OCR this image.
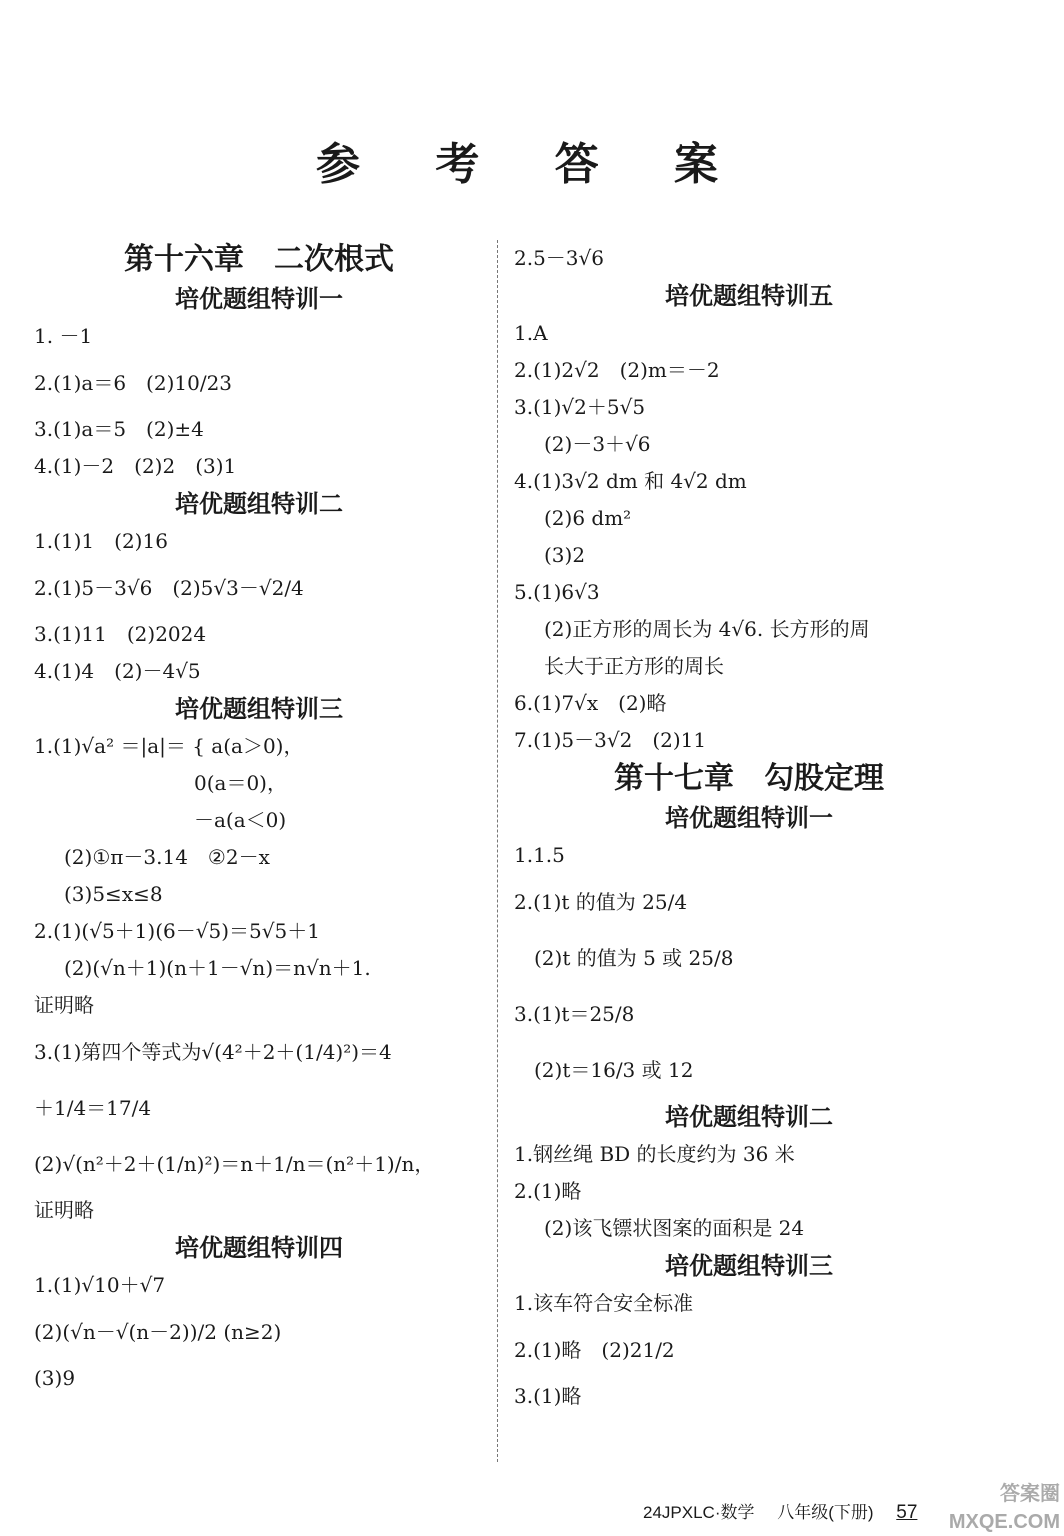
参 考 答 案
第十六章　二次根式
培优题组特训一
1. －1
2.(1)a＝6　(2)10/23
3.(1)a＝5　(2)±4
4.(1)－2　(2)2　(3)1
培优题组特训二
1.(1)1　(2)16
2.(1)5－3√6　(2)5√3－√2/4
3.(1)11　(2)2024
4.(1)4　(2)－4√5
培优题组特训三
1.(1)√a² ＝|a|＝ { a(a＞0)，
　　　　　　　　0(a＝0)，
　　　　　　　　－a(a＜0)
(2)①π－3.14　②2－x
(3)5≤x≤8
2.(1)(√5＋1)(6－√5)＝5√5＋1
(2)(√n＋1)(n＋1－√n)＝n√n＋1.
证明略
3.(1)第四个等式为√(4²＋2＋(1/4)²)＝4
＋1/4＝17/4
(2)√(n²＋2＋(1/n)²)＝n＋1/n＝(n²＋1)/n，
证明略
培优题组特训四
1.(1)√10＋√7
(2)(√n－√(n－2))/2 (n≥2)
(3)9
2.5－3√6
培优题组特训五
1.A
2.(1)2√2　(2)m＝－2
3.(1)√2＋5√5
(2)－3＋√6
4.(1)3√2 dm 和 4√2 dm
(2)6 dm²
(3)2
5.(1)6√3
(2)正方形的周长为 4√6. 长方形的周
长大于正方形的周长
6.(1)7√x　(2)略
7.(1)5－3√2　(2)11
第十七章　勾股定理
培优题组特训一
1.1.5
2.(1)t 的值为 25/4
　(2)t 的值为 5 或 25/8
3.(1)t＝25/8
　(2)t＝16/3 或 12
培优题组特训二
1.钢丝绳 BD 的长度约为 36 米
2.(1)略
(2)该飞镖状图案的面积是 24
培优题组特训三
1.该车符合安全标准
2.(1)略　(2)21/2
3.(1)略
24JPXLC·数学 八年级(下册) 57
答案圈 MXQE.COM
